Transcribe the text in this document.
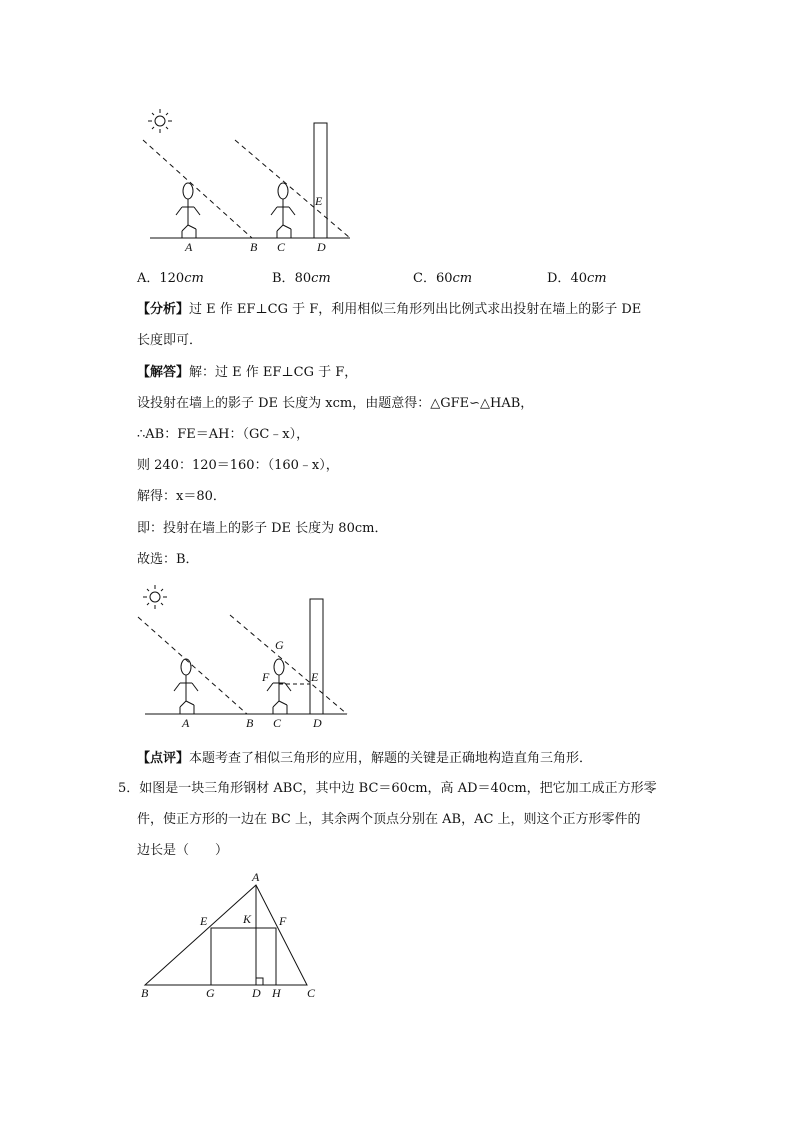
A	B C	D
E
A．120cm	B．80cm	C．60cm	D．40cm
【分析】过 E 作 EF⊥CG 于 F，利用相似三角形列出比例式求出投射在墙上的影子 DE
长度即可．
【解答】解：过 E 作 EF⊥CG 于 F，
设投射在墙上的影子 DE 长度为 xcm，由题意得：△GFE∽△HAB，
∴AB：FE＝AH：（GC﹣x），
则 240：120＝160：（160﹣x），
解得：x＝80．
即：投射在墙上的影子 DE 长度为 80cm．
故选：B．
A	B C	D
E
F
G
【点评】本题考查了相似三角形的应用，解题的关键是正确地构造直角三角形．
5．如图是一块三角形钢材 ABC，其中边 BC＝60cm，高 AD＝40cm，把它加工成正方形零
件，使正方形的一边在 BC 上，其余两个顶点分别在 AB，AC 上，则这个正方形零件的
边长是（　　）
A
B	C
D
E	F
G	H
K
